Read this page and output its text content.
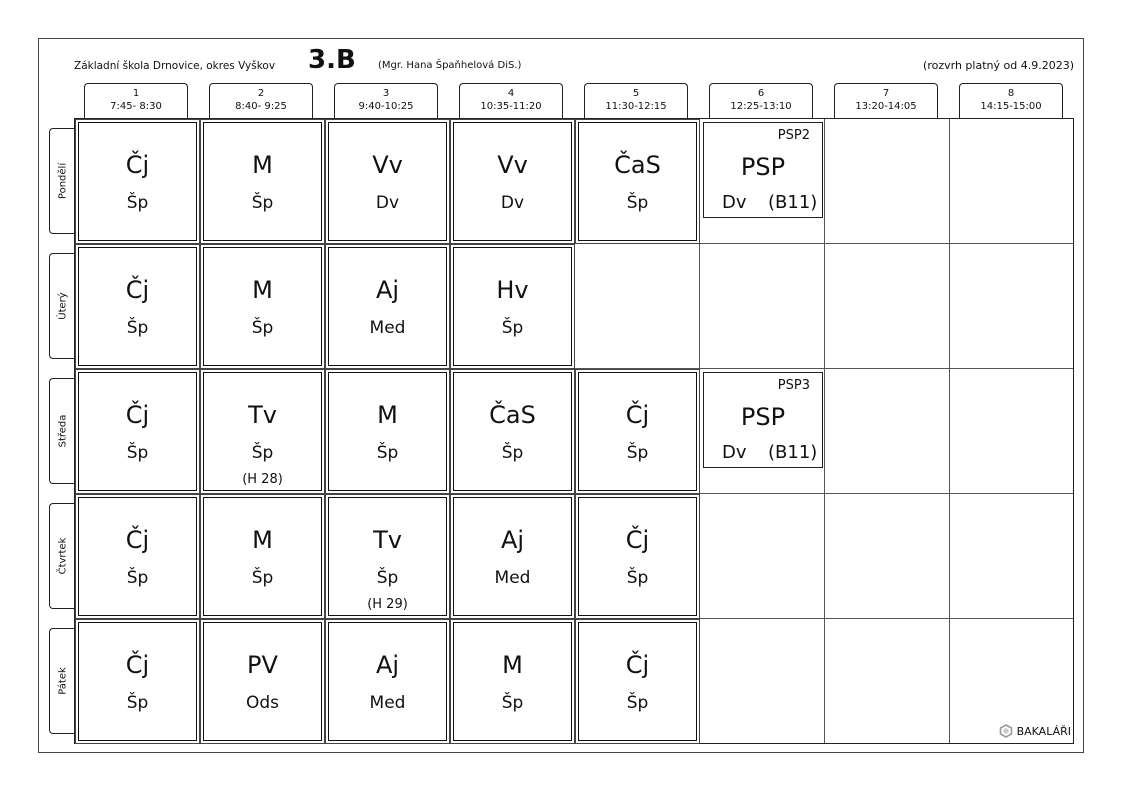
Základní škola Drnovice, okres Vyškov 3.B (Mgr. Hana Špaňhelová DiS.)	(rozvrh platný od 4.9.2023)
1
7:45- 8:30
2
8:40- 9:25
3
9:40-10:25
4
10:35-11:20
5
11:30-12:15
6
12:25-13:10
7
13:20-14:05
8
14:15-15:00
Pondělí
Úterý
Středa
Čtvrtek
Pátek
Čj
Šp
M
Šp
Vv
Dv
Vv
Dv
ČaS
Šp
Čj
Šp
M
Šp
Aj
Med
Hv
Šp
Čj
Šp
Tv
Šp
(H 28)
M
Šp
ČaS
Šp
Čj
Šp
Čj
Šp
M
Šp
Tv
Šp
(H 29)
Aj
Med
Čj
Šp
Čj
Šp
PV
Ods
Aj
Med
M
Šp
Čj
Šp
PSP2
PSP
Dv (B11)
PSP3
PSP
Dv (B11)
BAKALÁŘI
